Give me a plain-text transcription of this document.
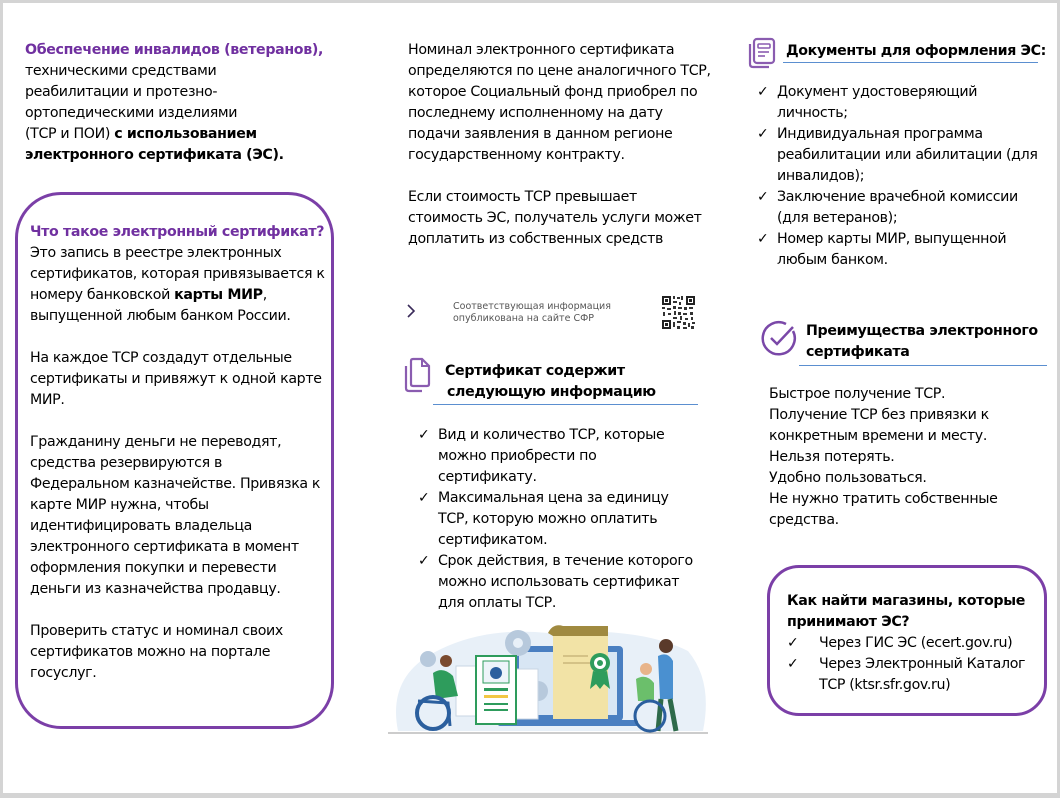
Обеспечение инвалидов (ветеранов),
техническими средствами
реабилитации и протезно-
ортопедическими изделиями
(ТСР и ПОИ) с использованием
электронного сертификата (ЭС).

Что такое электронный сертификат?

Это запись в реестре электронных сертификатов, которая привязывается к номеру банковской карты МИР, выпущенной любым банком России.

На каждое ТСР создадут отдельные сертификаты и привяжут к одной карте МИР.

Гражданину деньги не переводят, средства резервируются в Федеральном казначействе. Привязка к карте МИР нужна, чтобы идентифицировать владельца электронного сертификата в момент оформления покупки и перевести деньги из казначейства продавцу.

Проверить статус и номинал своих сертификатов можно на портале госуслуг.

Номинал электронного сертификата определяются по цене аналогичного ТСР, которое Социальный фонд приобрел по последнему исполненному на дату подачи заявления в данном регионе государственному контракту.

Если стоимость ТСР превышает стоимость ЭС, получатель услуги может доплатить из собственных средств

Соответствующая информация
опубликована на сайте СФР
Сертификат содержит
следующую информацию
✓ Вид и количество ТСР, которые можно приобрести по сертификату.
✓ Максимальная цена за единицу ТСР, которую можно оплатить сертификатом.
✓ Срок действия, в течение которого можно использовать сертификат для оплаты ТСР.
Документы для оформления ЭС:
✓ Документ удостоверяющий личность;
✓ Индивидуальная программа реабилитации или абилитации (для инвалидов);
✓ Заключение врачебной комиссии (для ветеранов);
✓ Номер карты МИР, выпущенной любым банком.
Преимущества электронного
сертификата
Быстрое получение ТСР.
Получение ТСР без привязки к конкретным времени и месту.
Нельзя потерять.
Удобно пользоваться.
Не нужно тратить собственные средства.
Как найти магазины, которые принимают ЭС?
✓ Через ГИС ЭС (ecert.gov.ru)
✓ Через Электронный Каталог ТСР (ktsr.sfr.gov.ru)
